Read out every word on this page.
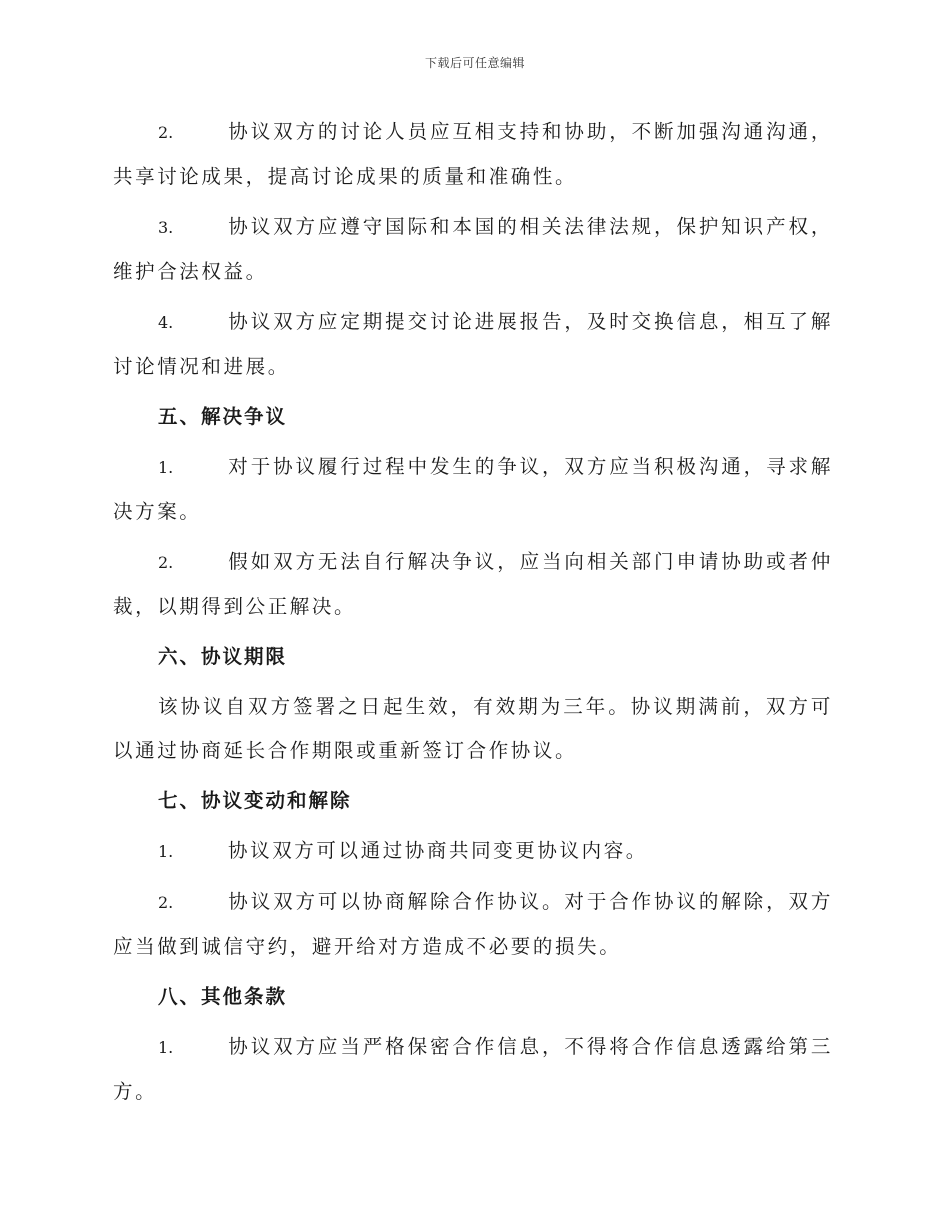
下载后可任意编辑

2.	协议双方的讨论人员应互相支持和协助，不断加强沟通沟通，共享讨论成果，提高讨论成果的质量和准确性。

3.	协议双方应遵守国际和本国的相关法律法规，保护知识产权，维护合法权益。

4.	协议双方应定期提交讨论进展报告，及时交换信息，相互了解讨论情况和进展。

五、解决争议

1.	对于协议履行过程中发生的争议，双方应当积极沟通，寻求解决方案。

2.	假如双方无法自行解决争议，应当向相关部门申请协助或者仲裁，以期得到公正解决。

六、协议期限

该协议自双方签署之日起生效，有效期为三年。协议期满前，双方可以通过协商延长合作期限或重新签订合作协议。

七、协议变动和解除

1.	协议双方可以通过协商共同变更协议内容。

2.	协议双方可以协商解除合作协议。对于合作协议的解除，双方应当做到诚信守约，避开给对方造成不必要的损失。

八、其他条款

1.	协议双方应当严格保密合作信息，不得将合作信息透露给第三方。
